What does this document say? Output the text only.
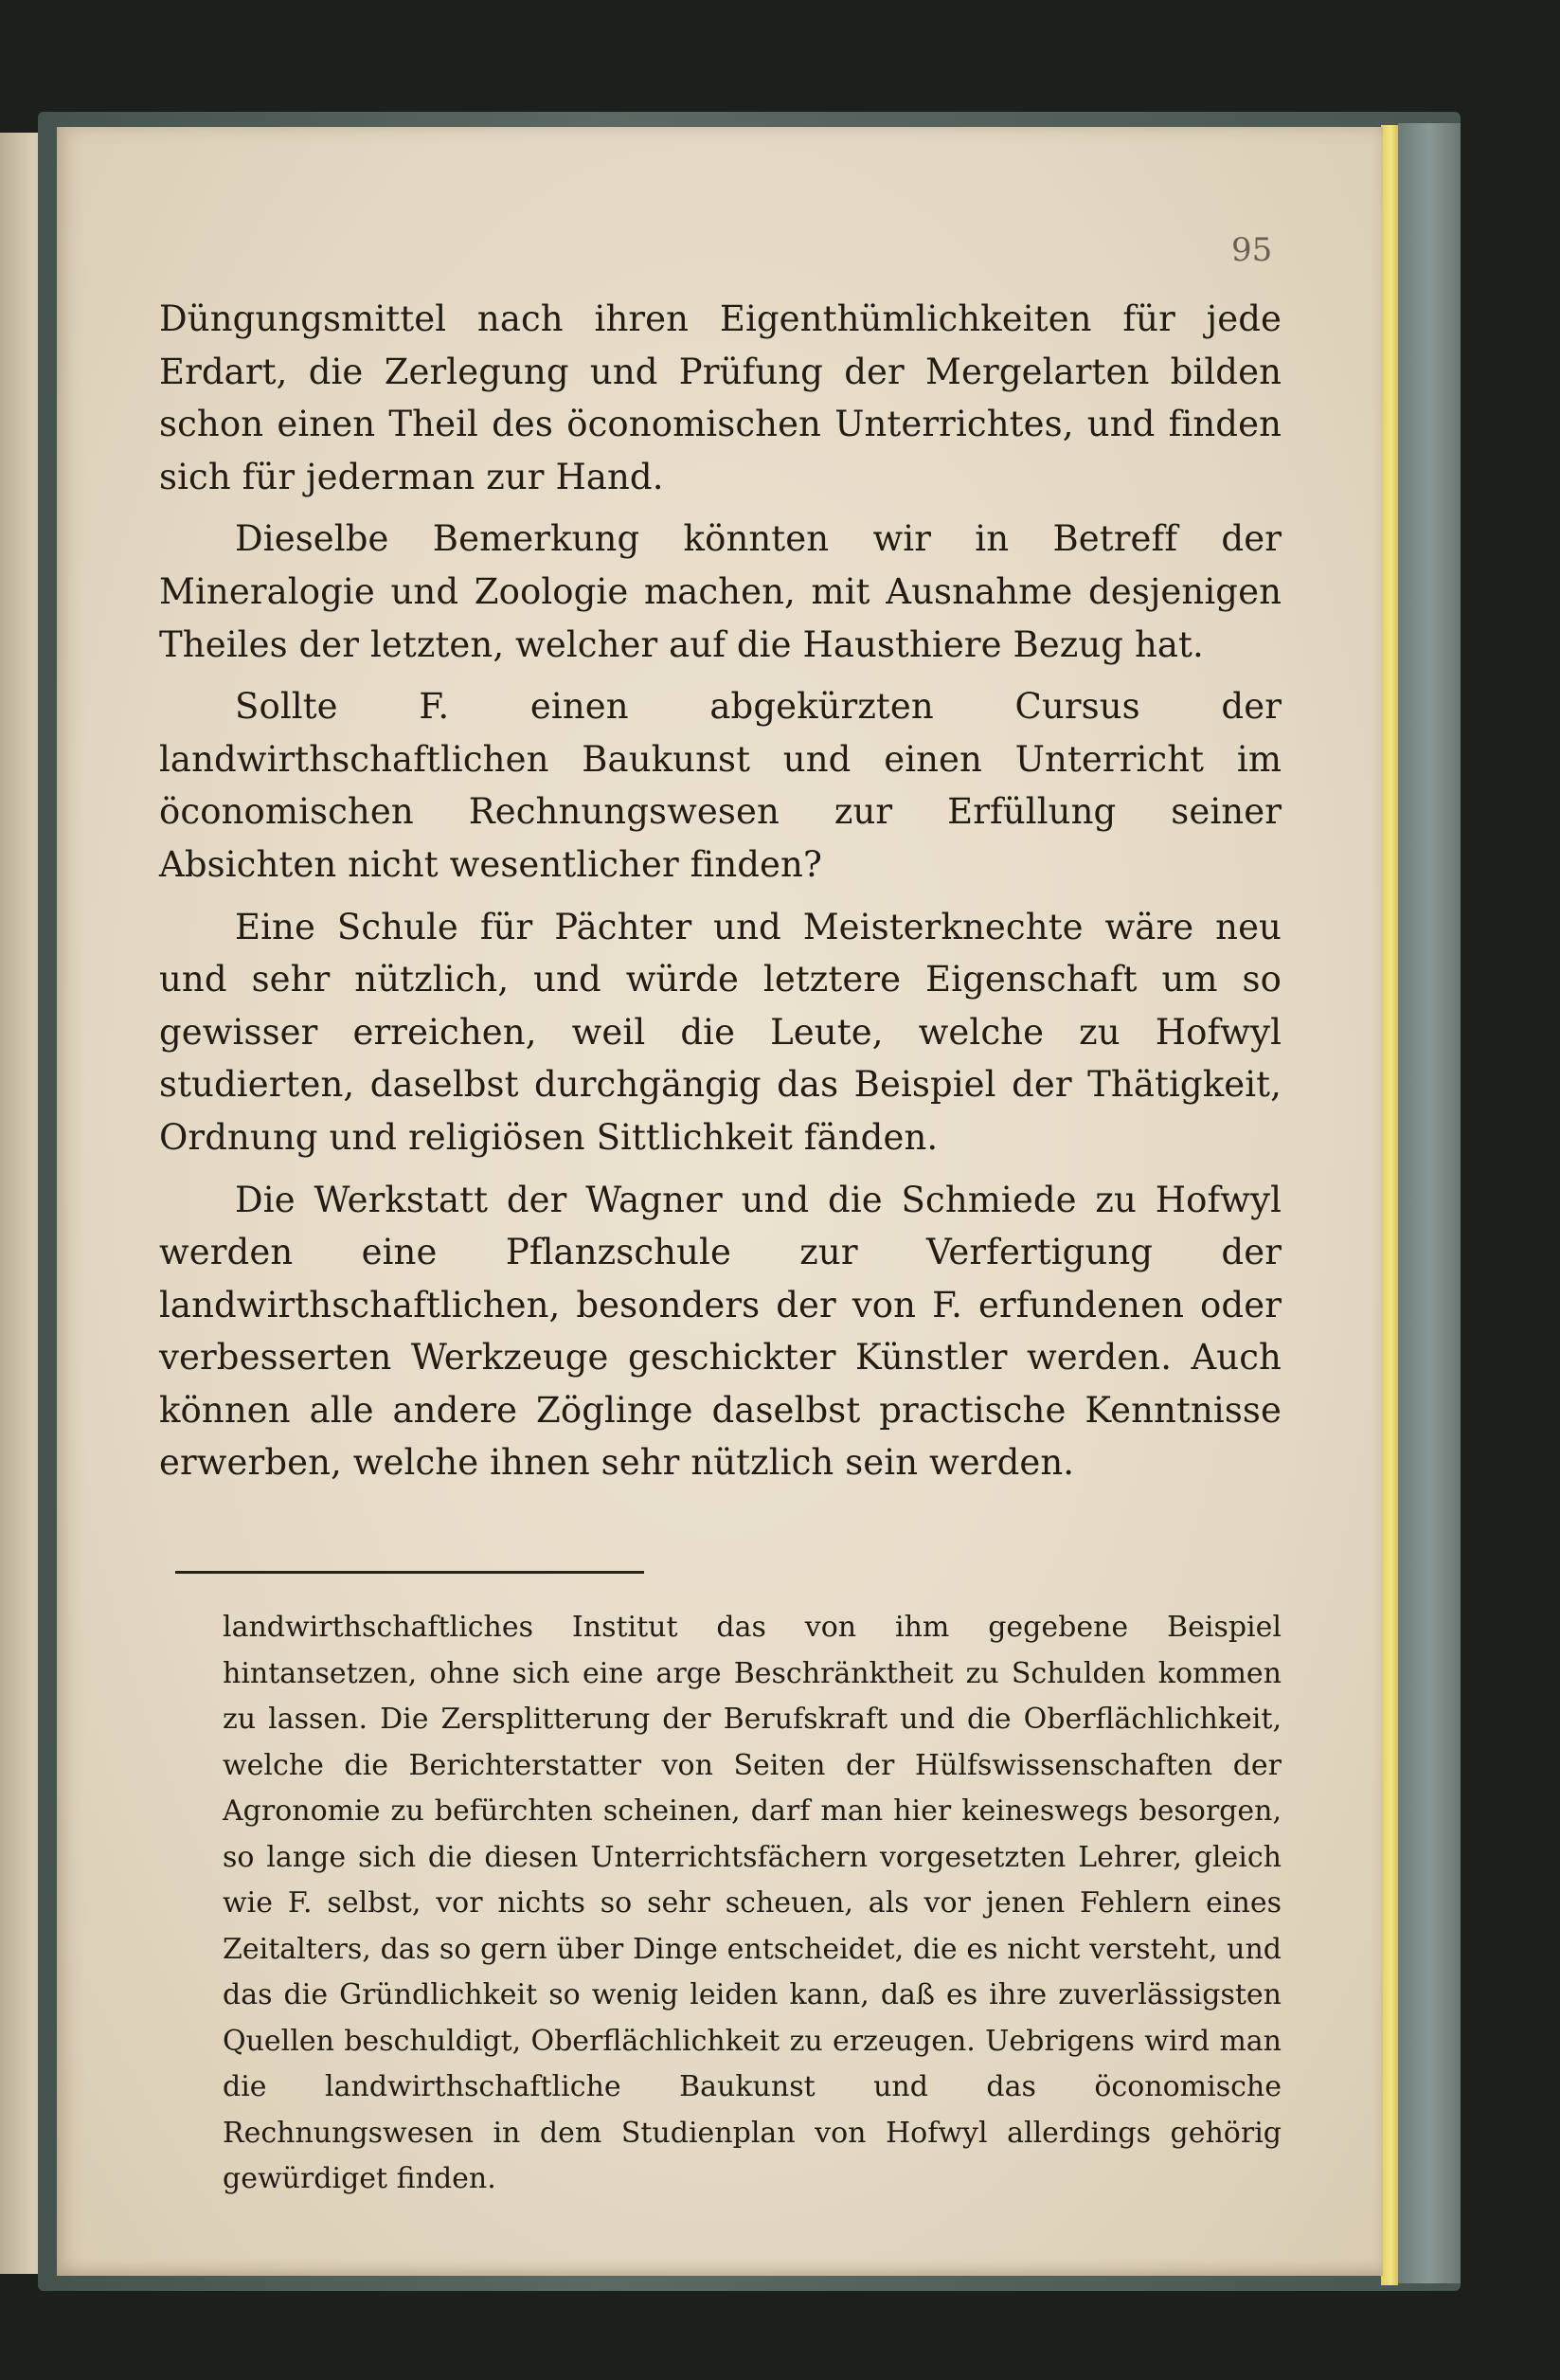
95

Düngungsmittel nach ihren Eigenthümlichkeiten für jede Erdart, die Zerlegung und Prüfung der Mergelarten bilden schon einen Theil des öconomischen Unterrichtes, und finden sich für jederman zur Hand.

Dieselbe Bemerkung könnten wir in Betreff der Mineralogie und Zoologie machen, mit Ausnahme desjenigen Theiles der letzten, welcher auf die Hausthiere Bezug hat.

Sollte F. einen abgekürzten Cursus der landwirthschaftlichen Baukunst und einen Unterricht im öconomischen Rechnungswesen zur Erfüllung seiner Absichten nicht wesentlicher finden?

Eine Schule für Pächter und Meisterknechte wäre neu und sehr nützlich, und würde letztere Eigenschaft um so gewisser erreichen, weil die Leute, welche zu Hofwyl studierten, daselbst durchgängig das Beispiel der Thätigkeit, Ordnung und religiösen Sittlichkeit fänden.

Die Werkstatt der Wagner und die Schmiede zu Hofwyl werden eine Pflanzschule zur Verfertigung der landwirthschaftlichen, besonders der von F. erfundenen oder verbesserten Werkzeuge geschickter Künstler werden. Auch können alle andere Zöglinge daselbst practische Kenntnisse erwerben, welche ihnen sehr nützlich sein werden.

landwirthschaftliches Institut das von ihm gegebene Beispiel hintansetzen, ohne sich eine arge Beschränktheit zu Schulden kommen zu lassen. Die Zersplitterung der Berufskraft und die Oberflächlichkeit, welche die Berichterstatter von Seiten der Hülfswissenschaften der Agronomie zu befürchten scheinen, darf man hier keineswegs besorgen, so lange sich die diesen Unterrichtsfächern vorgesetzten Lehrer, gleich wie F. selbst, vor nichts so sehr scheuen, als vor jenen Fehlern eines Zeitalters, das so gern über Dinge entscheidet, die es nicht versteht, und das die Gründlichkeit so wenig leiden kann, daß es ihre zuverlässigsten Quellen beschuldigt, Oberflächlichkeit zu erzeugen. Uebrigens wird man die landwirthschaftliche Baukunst und das öconomische Rechnungswesen in dem Studienplan von Hofwyl allerdings gehörig gewürdiget finden.
